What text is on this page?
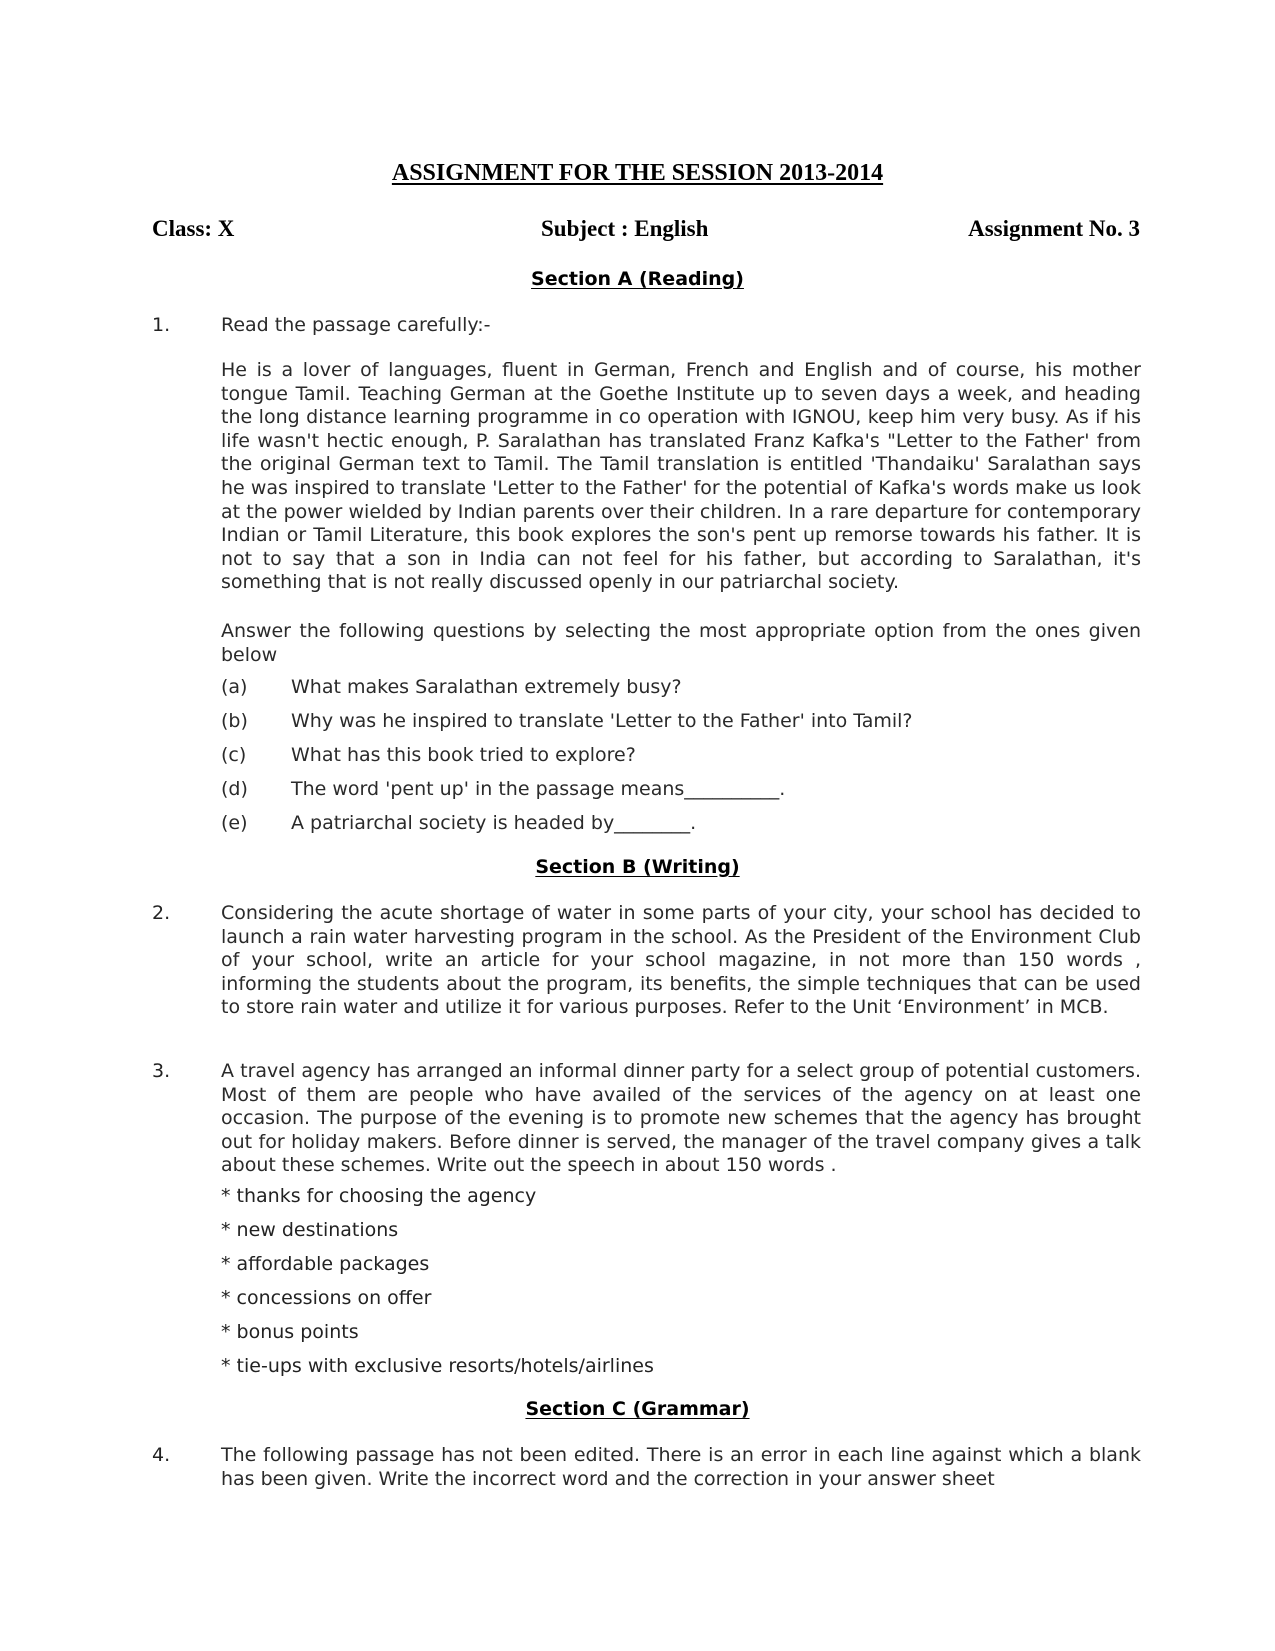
ASSIGNMENT FOR THE SESSION 2013-2014
Class: X	Subject : English	Assignment No. 3
Section A (Reading)
1.	Read the passage carefully:-
He is a lover of languages, fluent in German, French and English and of course, his mother tongue Tamil. Teaching German at the Goethe Institute up to seven days a week, and heading the long distance learning programme in co operation with IGNOU, keep him very busy. As if his life wasn't hectic enough, P. Saralathan has translated Franz Kafka's "Letter to the Father' from the original German text to Tamil. The Tamil translation is entitled 'Thandaiku' Saralathan says he was inspired to translate 'Letter to the Father' for the potential of Kafka's words make us look at the power wielded by Indian parents over their children. In a rare departure for contemporary Indian or Tamil Literature, this book explores the son's pent up remorse towards his father. It is not to say that a son in India can not feel for his father, but according to Saralathan, it's something that is not really discussed openly in our patriarchal society.
Answer the following questions by selecting the most appropriate option from the ones given below
(a) What makes Saralathan extremely busy?
(b) Why was he inspired to translate 'Letter to the Father' into Tamil?
(c) What has this book tried to explore?
(d) The word 'pent up' in the passage means__________.
(e) A patriarchal society is headed by________.
Section B (Writing)
2.	Considering the acute shortage of water in some parts of your city, your school has decided to launch a rain water harvesting program in the school. As the President of the Environment Club of your school, write an article for your school magazine, in not more than 150 words , informing the students about the program, its benefits, the simple techniques that can be used to store rain water and utilize it for various purposes. Refer to the Unit ‘Environment’ in MCB.
3.	A travel agency has arranged an informal dinner party for a select group of potential customers. Most of them are people who have availed of the services of the agency on at least one occasion. The purpose of the evening is to promote new schemes that the agency has brought out for holiday makers. Before dinner is served, the manager of the travel company gives a talk about these schemes. Write out the speech in about 150 words .
* thanks for choosing the agency
* new destinations
* affordable packages
* concessions on offer
* bonus points
* tie-ups with exclusive resorts/hotels/airlines
Section C (Grammar)
4.	The following passage has not been edited. There is an error in each line against which a blank has been given. Write the incorrect word and the correction in your answer sheet
